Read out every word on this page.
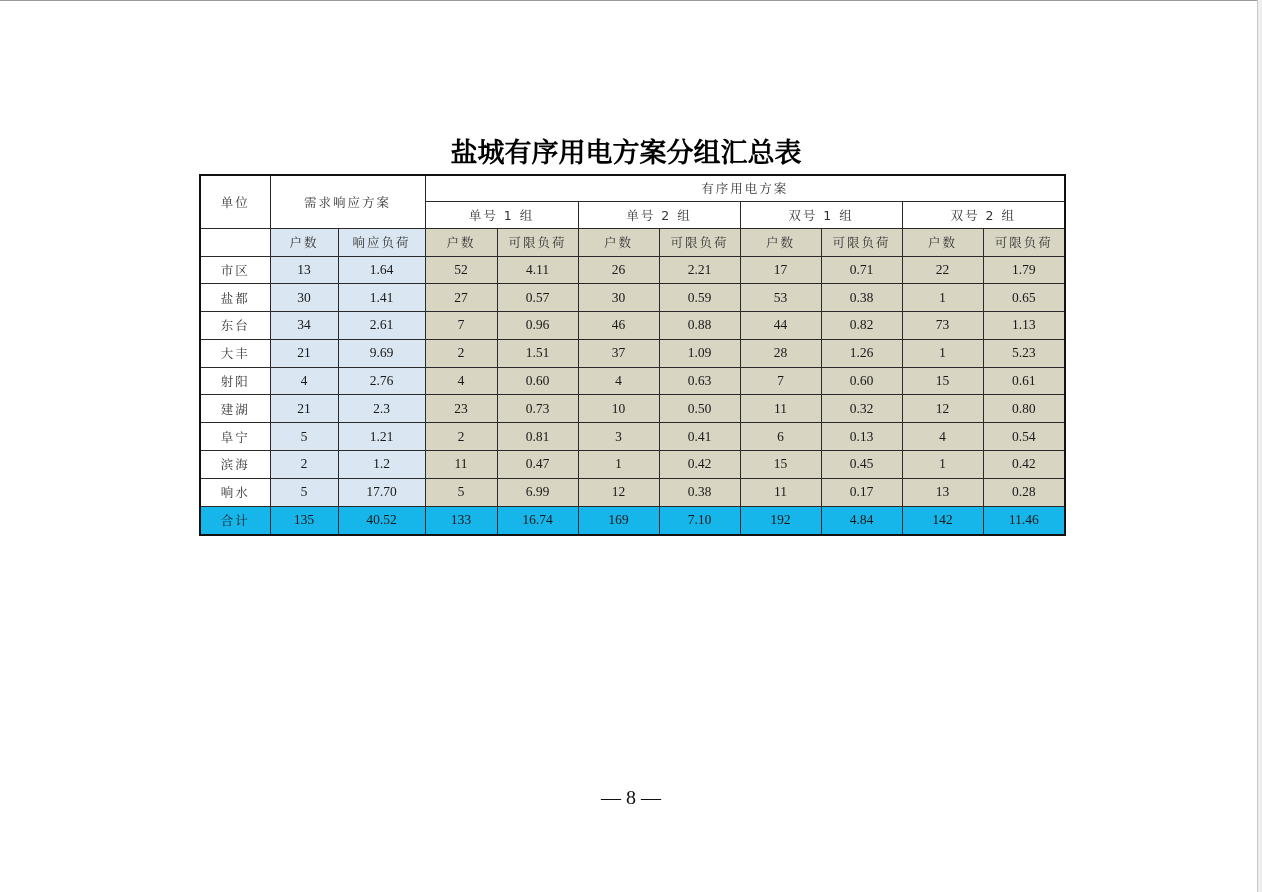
盐城有序用电方案分组汇总表
单位	需求响应方案		有序用电方案							
			单号 1 组		单号 2 组		双号 1 组		双号 2 组	
	户数	响应负荷	户数	可限负荷	户数	可限负荷	户数	可限负荷	户数	可限负荷
市区	13	1.64	52	4.11	26	2.21	17	0.71	22	1.79
盐都	30	1.41	27	0.57	30	0.59	53	0.38	1	0.65
东台	34	2.61	7	0.96	46	0.88	44	0.82	73	1.13
大丰	21	9.69	2	1.51	37	1.09	28	1.26	1	5.23
射阳	4	2.76	4	0.60	4	0.63	7	0.60	15	0.61
建湖	21	2.3	23	0.73	10	0.50	11	0.32	12	0.80
阜宁	5	1.21	2	0.81	3	0.41	6	0.13	4	0.54
滨海	2	1.2	11	0.47	1	0.42	15	0.45	1	0.42
响水	5	17.70	5	6.99	12	0.38	11	0.17	13	0.28
合计	135	40.52	133	16.74	169	7.10	192	4.84	142	11.46
— 8 —
